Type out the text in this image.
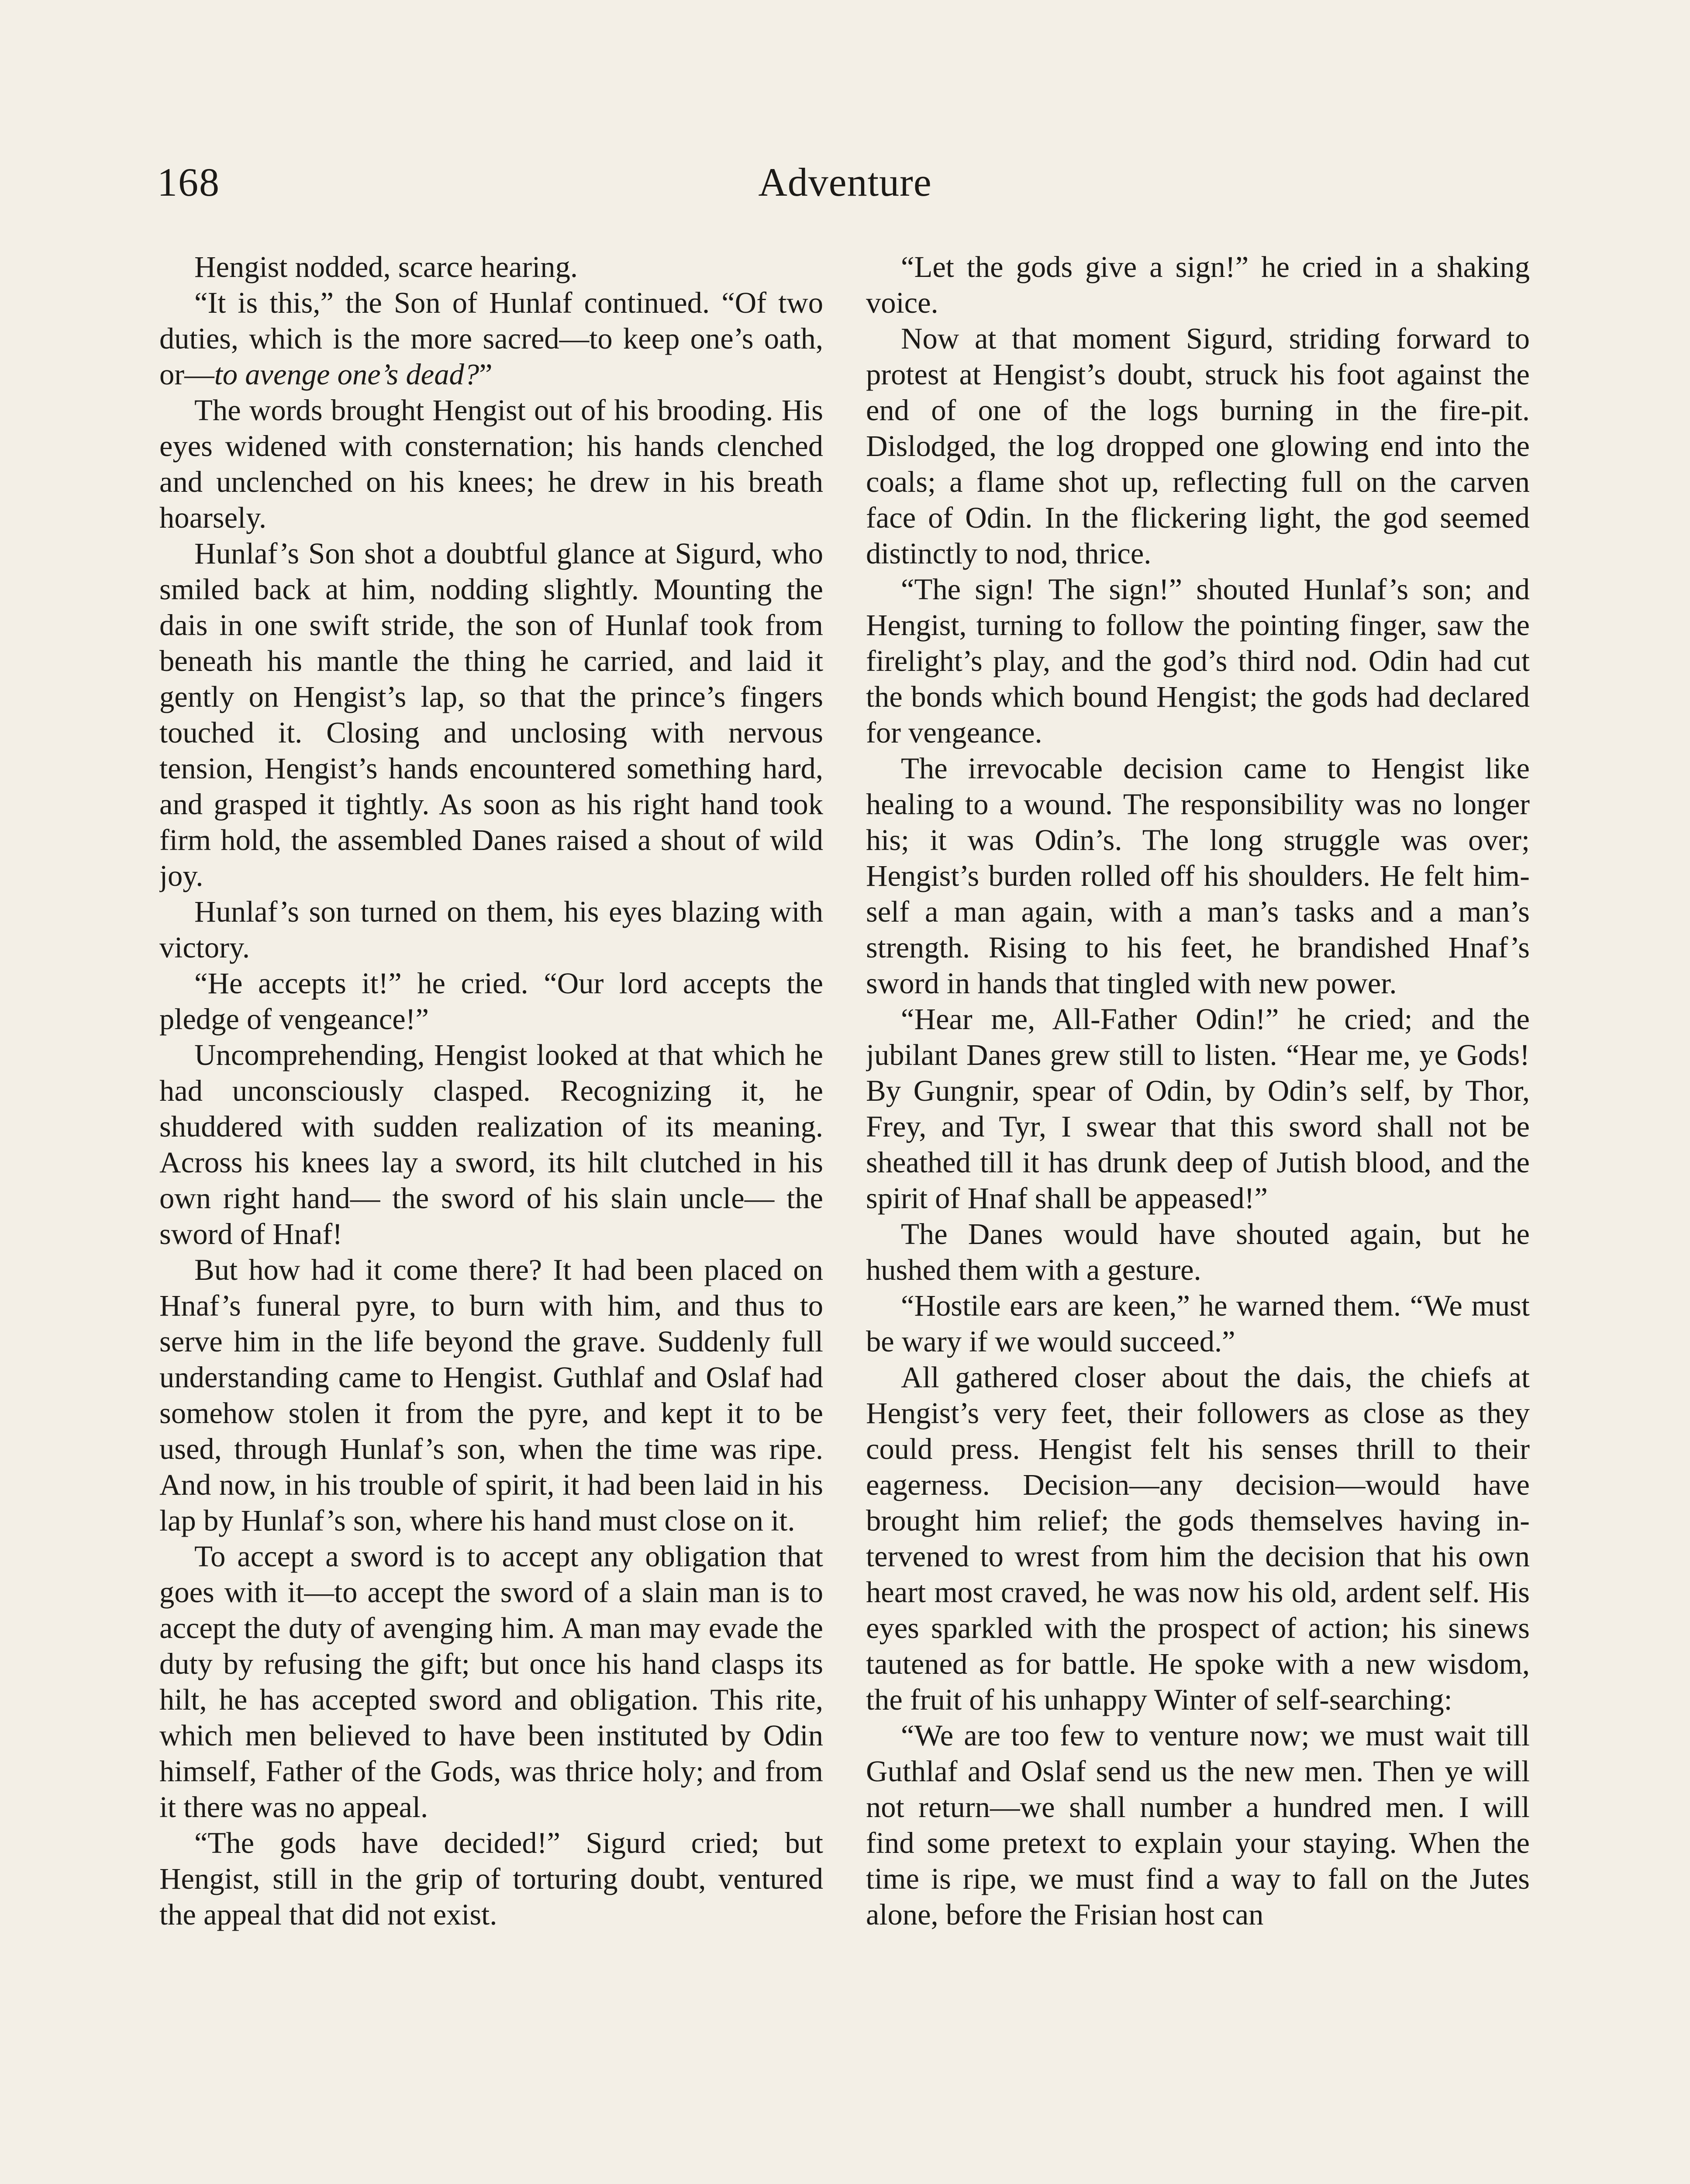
168	Adventure

Hengist nodded, scarce hearing.

“It is this,” the Son of Hunlaf continued. “Of two duties, which is the more sacred—to keep one’s oath, or—to avenge one’s dead?”

The words brought Hengist out of his brooding. His eyes widened with consternation; his hands clenched and unclenched on his knees; he drew in his breath hoarsely.

Hunlaf’s Son shot a doubtful glance at Sigurd, who smiled back at him, nodding slightly. Mounting the dais in one swift stride, the son of Hunlaf took from beneath his mantle the thing he carried, and laid it gently on Hengist’s lap, so that the prince’s fingers touched it. Closing and unclosing with nervous tension, Hengist’s hands encountered something hard, and grasped it tightly. As soon as his right hand took firm hold, the assembled Danes raised a shout of wild joy.

Hunlaf’s son turned on them, his eyes blazing with victory.

“He accepts it!” he cried. “Our lord accepts the pledge of vengeance!”

Uncomprehending, Hengist looked at that which he had unconsciously clasped. Recognizing it, he shuddered with sudden realization of its meaning. Across his knees lay a sword, its hilt clutched in his own right hand— the sword of his slain uncle— the sword of Hnaf!

But how had it come there? It had been placed on Hnaf’s funeral pyre, to burn with him, and thus to serve him in the life beyond the grave. Suddenly full understanding came to Hengist. Guthlaf and Oslaf had somehow stolen it from the pyre, and kept it to be used, through Hunlaf’s son, when the time was ripe. And now, in his trouble of spirit, it had been laid in his lap by Hunlaf’s son, where his hand must close on it.

To accept a sword is to accept any obligation that goes with it—to accept the sword of a slain man is to accept the duty of avenging him. A man may evade the duty by refusing the gift; but once his hand clasps its hilt, he has accepted sword and obligation. This rite, which men believed to have been instituted by Odin himself, Father of the Gods, was thrice holy; and from it there was no appeal.

“The gods have decided!” Sigurd cried; but Hengist, still in the grip of torturing doubt, ventured the appeal that did not exist.

“Let the gods give a sign!” he cried in a shaking voice.

Now at that moment Sigurd, striding forward to protest at Hengist’s doubt, struck his foot against the end of one of the logs burning in the fire-pit. Dislodged, the log dropped one glowing end into the coals; a flame shot up, reflecting full on the carven face of Odin. In the flickering light, the god seemed distinctly to nod, thrice.

“The sign! The sign!” shouted Hunlaf’s son; and Hengist, turning to follow the pointing finger, saw the firelight’s play, and the god’s third nod. Odin had cut the bonds which bound Hengist; the gods had declared for vengeance.

The irrevocable decision came to Hengist like healing to a wound. The responsibility was no longer his; it was Odin’s. The long struggle was over; Hengist’s burden rolled off his shoulders. He felt himself a man again, with a man’s tasks and a man’s strength. Rising to his feet, he brandished Hnaf’s sword in hands that tingled with new power.

“Hear me, All-Father Odin!” he cried; and the jubilant Danes grew still to listen. “Hear me, ye Gods! By Gungnir, spear of Odin, by Odin’s self, by Thor, Frey, and Tyr, I swear that this sword shall not be sheathed till it has drunk deep of Jutish blood, and the spirit of Hnaf shall be appeased!”

The Danes would have shouted again, but he hushed them with a gesture.

“Hostile ears are keen,” he warned them. “We must be wary if we would succeed.”

All gathered closer about the dais, the chiefs at Hengist’s very feet, their followers as close as they could press. Hengist felt his senses thrill to their eagerness. Decision—any decision—would have brought him relief; the gods themselves having intervened to wrest from him the decision that his own heart most craved, he was now his old, ardent self. His eyes sparkled with the prospect of action; his sinews tautened as for battle. He spoke with a new wisdom, the fruit of his unhappy Winter of self-searching:

“We are too few to venture now; we must wait till Guthlaf and Oslaf send us the new men. Then ye will not return—we shall number a hundred men. I will find some pretext to explain your staying. When the time is ripe, we must find a way to fall on the Jutes alone, before the Frisian host can
